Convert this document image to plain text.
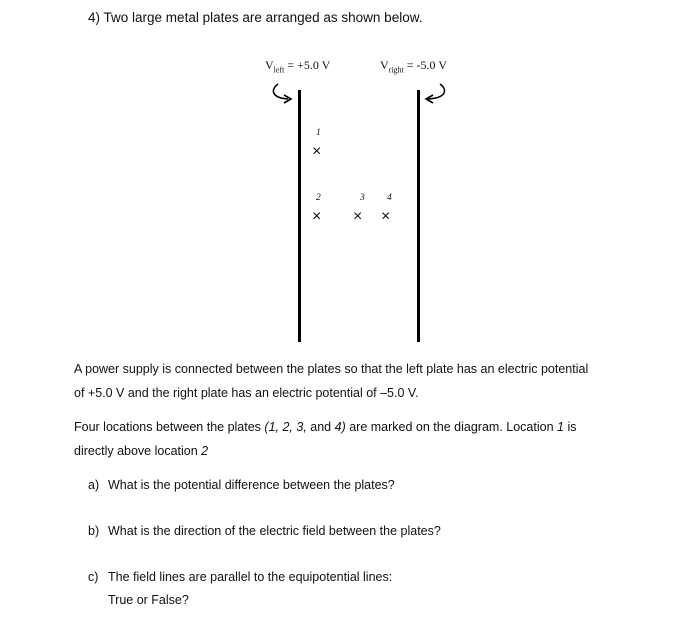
4) Two large metal plates are arranged as shown below.
$V_{left} = +5.0$ V	$V_{right} = -5.0$ V
1
×
2
×
3
×
4
×
A power supply is connected between the plates so that the left plate has an electric potential
of +5.0 V and the right plate has an electric potential of –5.0 V.
Four locations between the plates (1, 2, 3, and 4) are marked on the diagram. Location 1 is
directly above location 2
a) What is the potential difference between the plates?
b) What is the direction of the electric field between the plates?
c) The field lines are parallel to the equipotential lines:
True or False?
